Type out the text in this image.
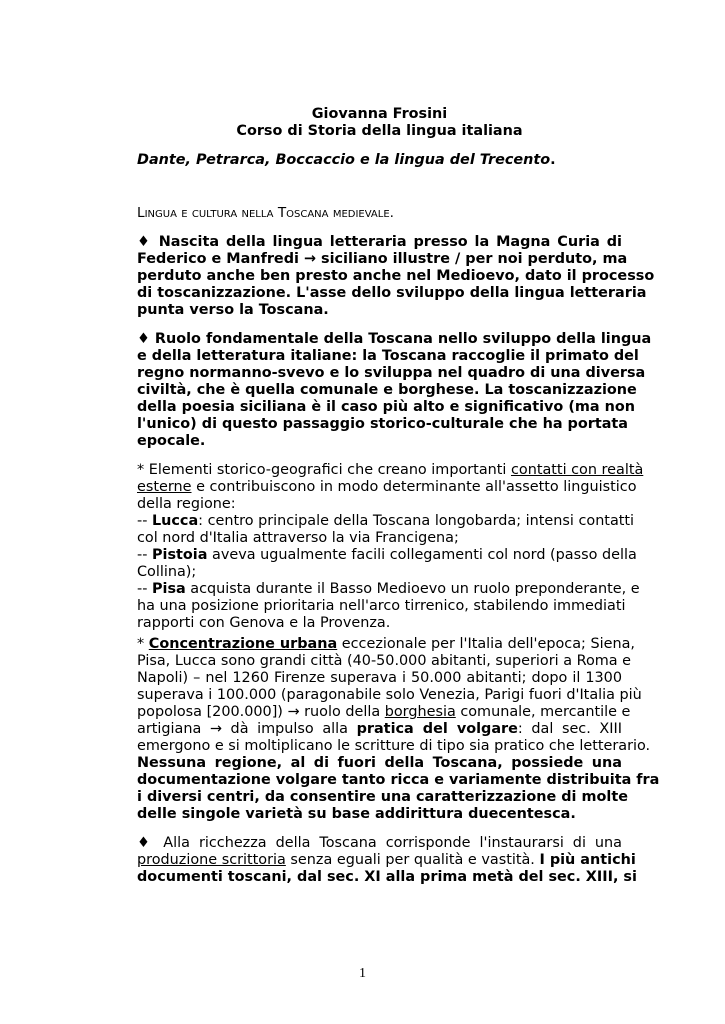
Giovanna Frosini
Corso di Storia della lingua italiana
Dante, Petrarca, Boccaccio e la lingua del Trecento.
Lingua e cultura nella Toscana medievale.
♦ Nascita della lingua letteraria presso la Magna Curia di
Federico e Manfredi → siciliano illustre / per noi perduto, ma
perduto anche ben presto anche nel Medioevo, dato il processo
di toscanizzazione. L'asse dello sviluppo della lingua letteraria
punta verso la Toscana.
♦ Ruolo fondamentale della Toscana nello sviluppo della lingua
e della letteratura italiane: la Toscana raccoglie il primato del
regno normanno-svevo e lo sviluppa nel quadro di una diversa
civiltà, che è quella comunale e borghese. La toscanizzazione
della poesia siciliana è il caso più alto e significativo (ma non
l'unico) di questo passaggio storico-culturale che ha portata
epocale.
* Elementi storico-geografici che creano importanti contatti con realtà
esterne e contribuiscono in modo determinante all'assetto linguistico
della regione:
-- Lucca: centro principale della Toscana longobarda; intensi contatti
col nord d'Italia attraverso la via Francigena;
-- Pistoia aveva ugualmente facili collegamenti col nord (passo della
Collina);
-- Pisa acquista durante il Basso Medioevo un ruolo preponderante, e
ha una posizione prioritaria nell'arco tirrenico, stabilendo immediati
rapporti con Genova e la Provenza.
* Concentrazione urbana eccezionale per l'Italia dell'epoca; Siena,
Pisa, Lucca sono grandi città (40-50.000 abitanti, superiori a Roma e
Napoli) – nel 1260 Firenze superava i 50.000 abitanti; dopo il 1300
superava i 100.000 (paragonabile solo Venezia, Parigi fuori d'Italia più
popolosa [200.000]) → ruolo della borghesia comunale, mercantile e
artigiana → dà impulso alla pratica del volgare: dal sec. XIII
emergono e si moltiplicano le scritture di tipo sia pratico che letterario.
Nessuna regione, al di fuori della Toscana, possiede una
documentazione volgare tanto ricca e variamente distribuita fra
i diversi centri, da consentire una caratterizzazione di molte
delle singole varietà su base addirittura duecentesca.
♦ Alla ricchezza della Toscana corrisponde l'instaurarsi di una
produzione scrittoria senza eguali per qualità e vastità. I più antichi
documenti toscani, dal sec. XI alla prima metà del sec. XIII, si
1
